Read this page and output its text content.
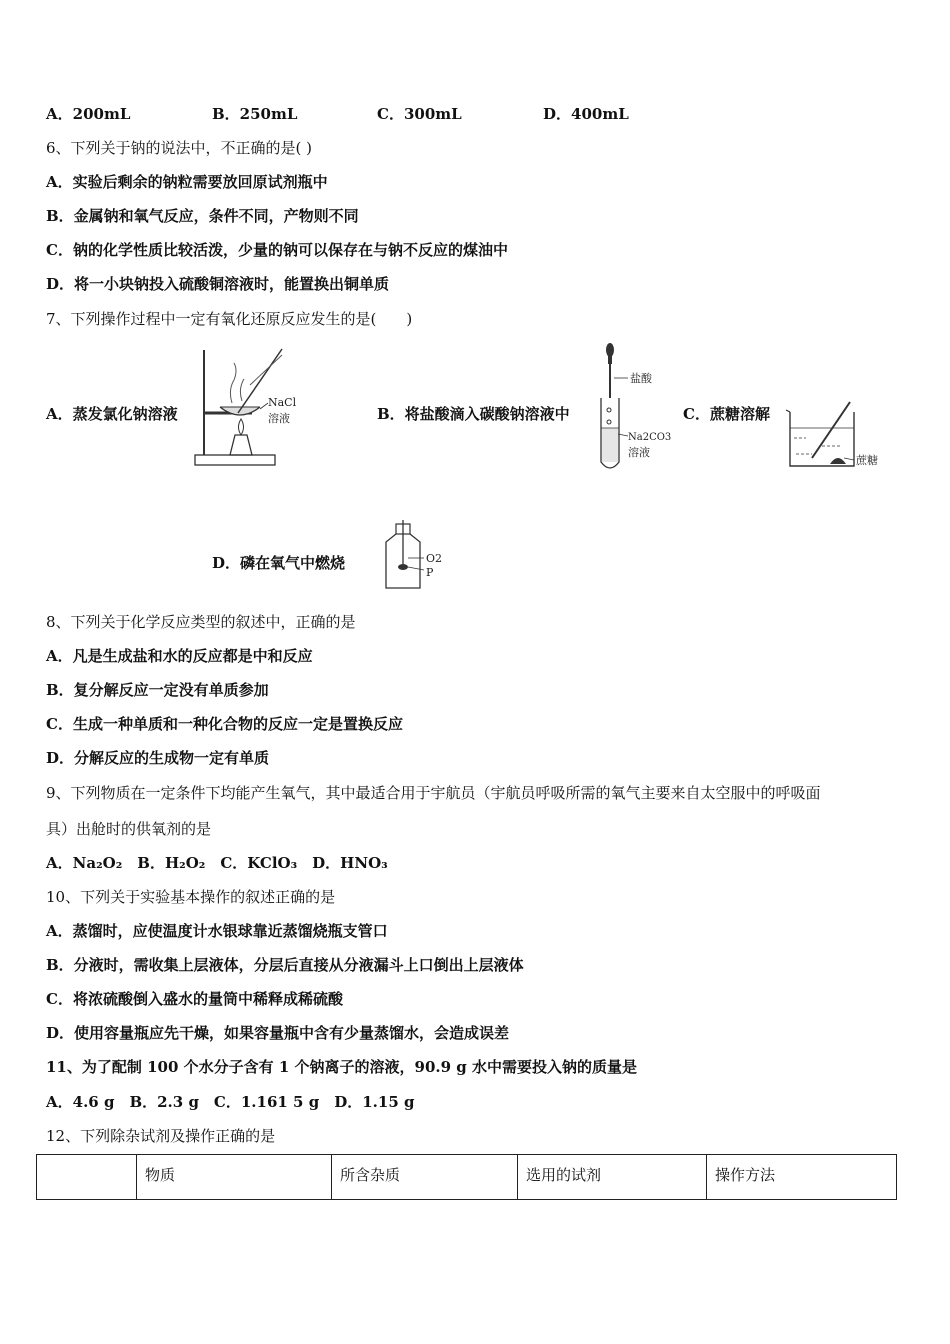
A．200mL	B．250mL	C．300mL	D．400mL
6、下列关于钠的说法中，不正确的是( )
A．实验后剩余的钠粒需要放回原试剂瓶中
B．金属钠和氧气反应，条件不同，产物则不同
C．钠的化学性质比较活泼，少量的钠可以保存在与钠不反应的煤油中
D．将一小块钠投入硫酸铜溶液时，能置换出铜单质
7、下列操作过程中一定有氧化还原反应发生的是(　　)
A．蒸发氯化钠溶液
NaCl
溶液	B．将盐酸滴入碳酸钠溶液中
盐酸
Na2CO3
溶液
C．蔗糖溶解
蔗糖
D．磷在氧气中燃烧	O2
P
8、下列关于化学反应类型的叙述中，正确的是
A．凡是生成盐和水的反应都是中和反应
B．复分解反应一定没有单质参加
C．生成一种单质和一种化合物的反应一定是置换反应
D．分解反应的生成物一定有单质
9、下列物质在一定条件下均能产生氧气，其中最适合用于宇航员（宇航员呼吸所需的氧气主要来自太空服中的呼吸面
具）出舱时的供氧剂的是
A．Na₂O₂　B．H₂O₂　C．KClO₃　D．HNO₃
10、下列关于实验基本操作的叙述正确的是
A．蒸馏时，应使温度计水银球靠近蒸馏烧瓶支管口
B．分液时，需收集上层液体，分层后直接从分液漏斗上口倒出上层液体
C．将浓硫酸倒入盛水的量筒中稀释成稀硫酸
D．使用容量瓶应先干燥，如果容量瓶中含有少量蒸馏水，会造成误差
11、为了配制 100 个水分子含有 1 个钠离子的溶液，90.9 g 水中需要投入钠的质量是
A．4.6 g　B．2.3 g　C．1.161 5 g　D．1.15 g
12、下列除杂试剂及操作正确的是
	物质	所含杂质	选用的试剂	操作方法
